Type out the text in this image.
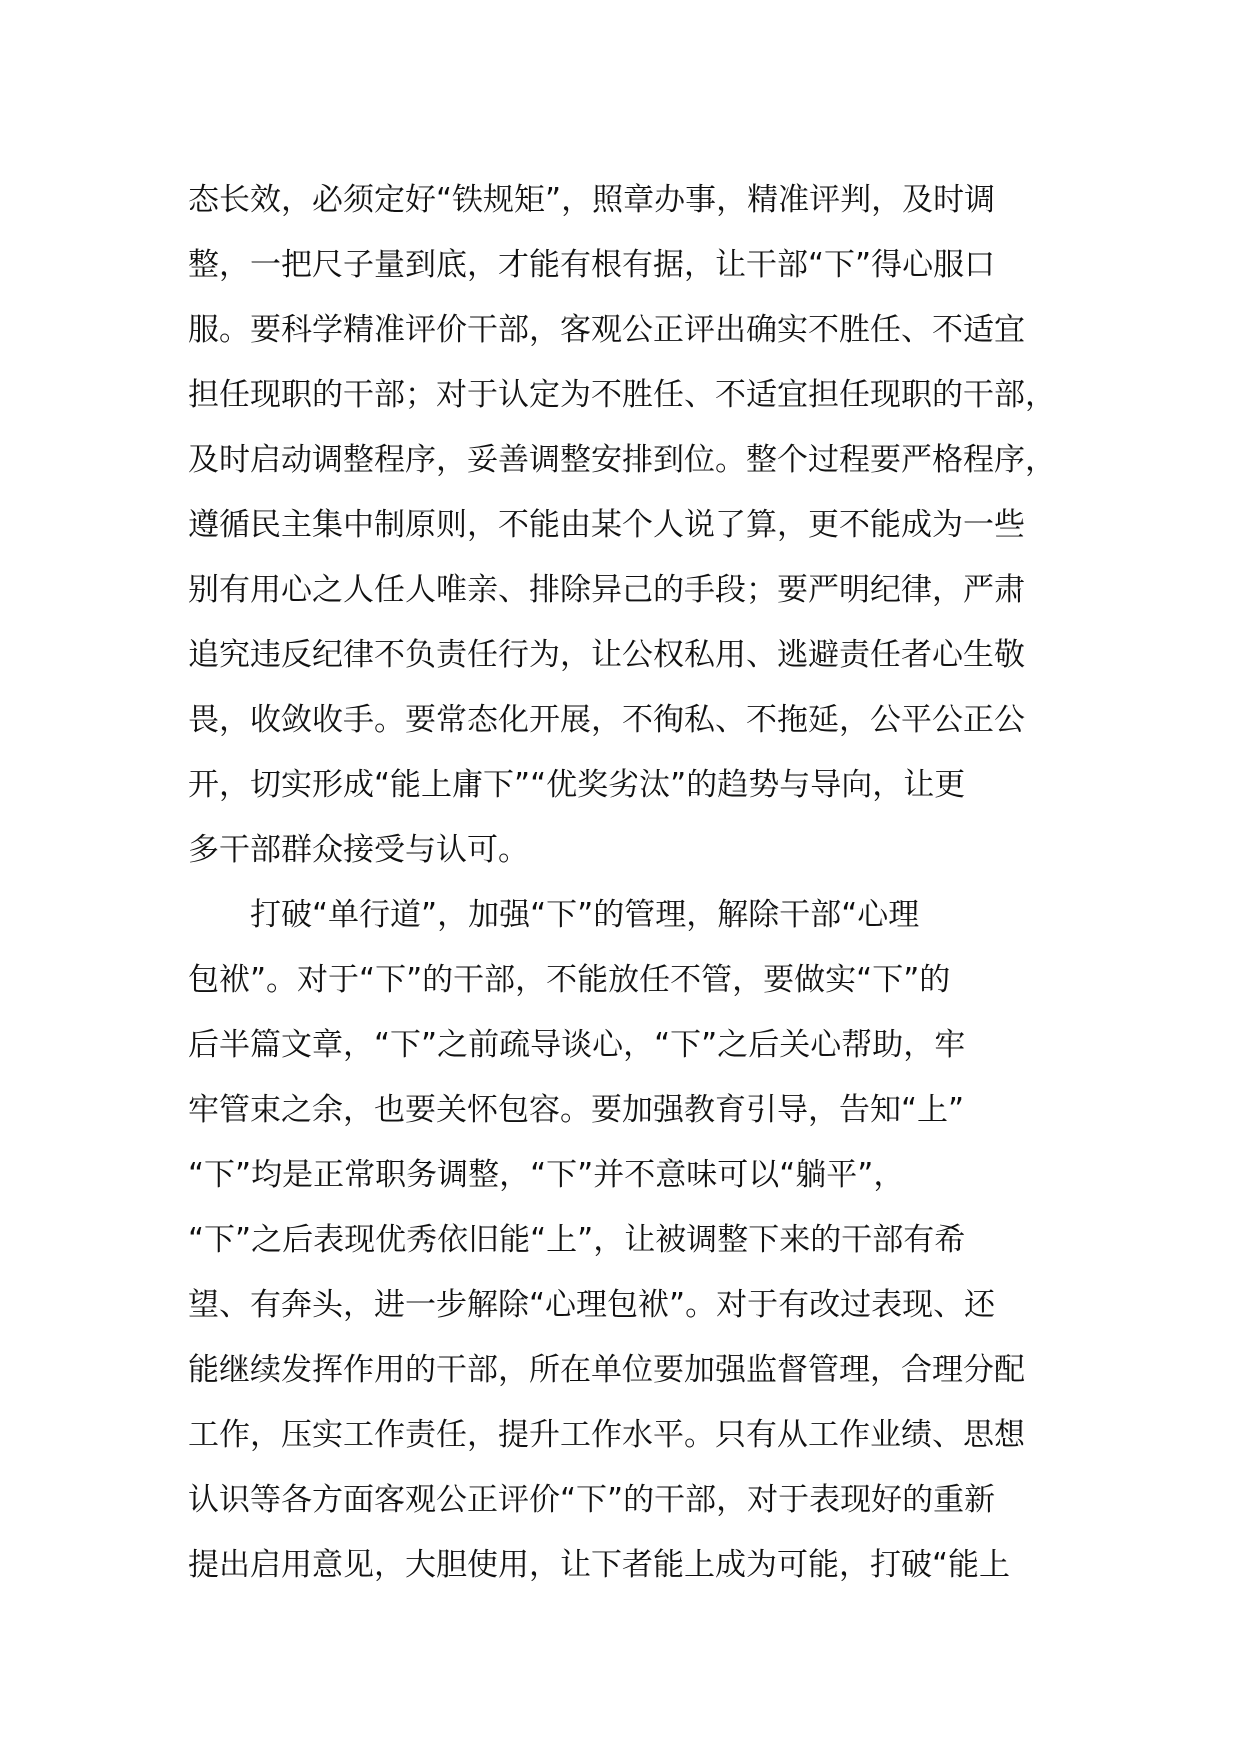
态长效，必须定好“铁规矩”，照章办事，精准评判，及时调
整，一把尺子量到底，才能有根有据，让干部“下”得心服口
服。要科学精准评价干部，客观公正评出确实不胜任、不适宜
担任现职的干部；对于认定为不胜任、不适宜担任现职的干部，
及时启动调整程序，妥善调整安排到位。整个过程要严格程序，
遵循民主集中制原则，不能由某个人说了算，更不能成为一些
别有用心之人任人唯亲、排除异己的手段；要严明纪律，严肃
追究违反纪律不负责任行为，让公权私用、逃避责任者心生敬
畏，收敛收手。要常态化开展，不徇私、不拖延，公平公正公
开，切实形成“能上庸下”“优奖劣汰”的趋势与导向，让更
多干部群众接受与认可。
　　打破“单行道”，加强“下”的管理，解除干部“心理
包袱”。对于“下”的干部，不能放任不管，要做实“下”的
后半篇文章，“下”之前疏导谈心，“下”之后关心帮助，牢
牢管束之余，也要关怀包容。要加强教育引导，告知“上”
“下”均是正常职务调整，“下”并不意味可以“躺平”，
“下”之后表现优秀依旧能“上”，让被调整下来的干部有希
望、有奔头，进一步解除“心理包袱”。对于有改过表现、还
能继续发挥作用的干部，所在单位要加强监督管理，合理分配
工作，压实工作责任，提升工作水平。只有从工作业绩、思想
认识等各方面客观公正评价“下”的干部，对于表现好的重新
提出启用意见，大胆使用，让下者能上成为可能，打破“能上
